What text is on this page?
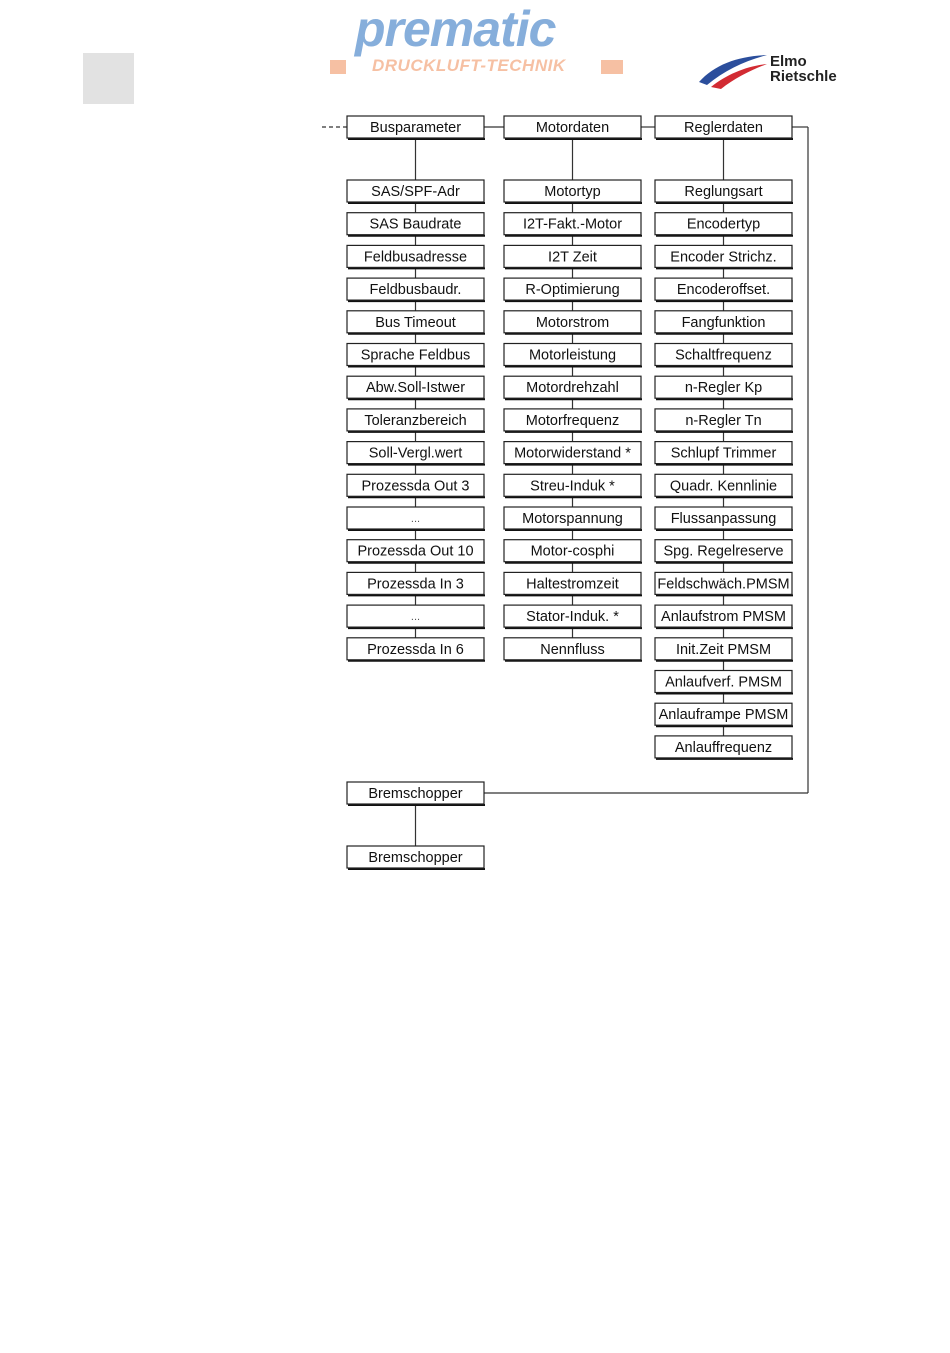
prematic
DRUCKLUFT-TECHNIK	Elmo
Rietschle
Busparameter
SAS/SPF-Adr
SAS Baudrate
Feldbusadresse
Feldbusbaudr.
Bus Timeout
Sprache Feldbus
Abw.Soll-Istwer
Toleranzbereich
Soll-Vergl.wert
Prozessda Out 3
...
Prozessda Out 10
Prozessda In 3
...
Prozessda In 6
Motordaten
Motortyp
I2T-Fakt.-Motor
I2T Zeit
R-Optimierung
Motorstrom
Motorleistung
Motordrehzahl
Motorfrequenz
Motorwiderstand *
Streu-Induk *
Motorspannung
Motor-cosphi
Haltestromzeit
Stator-Induk. *
Nennfluss
Reglerdaten
Reglungsart
Encodertyp
Encoder Strichz.
Encoderoffset.
Fangfunktion
Schaltfrequenz
n-Regler Kp
n-Regler Tn
Schlupf Trimmer
Quadr. Kennlinie
Flussanpassung
Spg. Regelreserve
Feldschwäch.PMSM
Anlaufstrom PMSM
Init.Zeit PMSM
Anlaufverf. PMSM
Anlauframpe PMSM
Anlauffrequenz
Bremschopper
Bremschopper
